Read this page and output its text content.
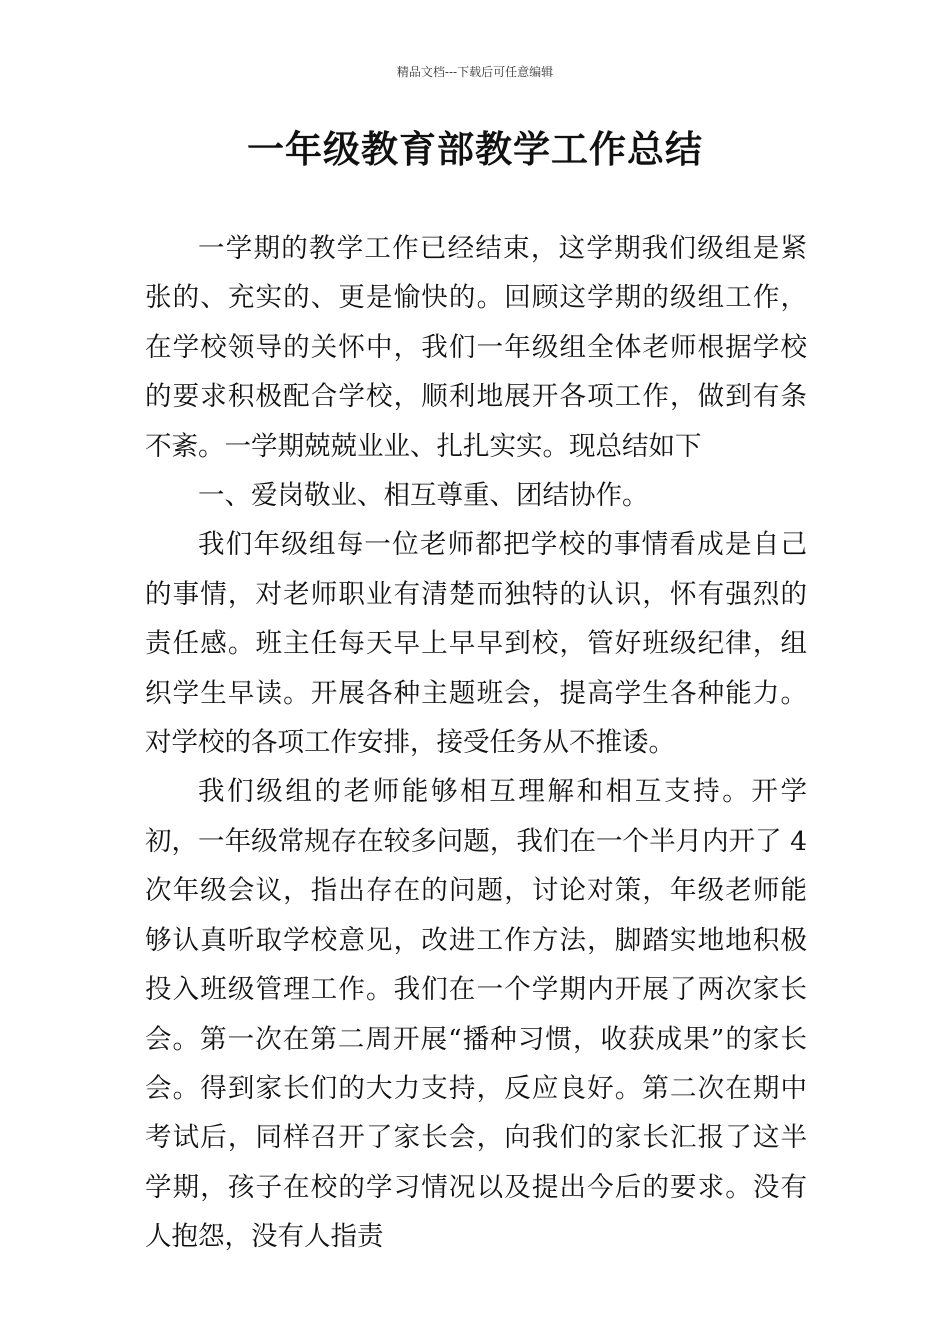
精品文档---下载后可任意编辑
一年级教育部教学工作总结

一学期的教学工作已经结束，这学期我们级组是紧张的、充实的、更是愉快的。回顾这学期的级组工作，在学校领导的关怀中，我们一年级组全体老师根据学校的要求积极配合学校，顺利地展开各项工作，做到有条不紊。一学期兢兢业业、扎扎实实。现总结如下

一、爱岗敬业、相互尊重、团结协作。

我们年级组每一位老师都把学校的事情看成是自己的事情，对老师职业有清楚而独特的认识，怀有强烈的责任感。班主任每天早上早早到校，管好班级纪律，组织学生早读。开展各种主题班会，提高学生各种能力。对学校的各项工作安排，接受任务从不推诿。

我们级组的老师能够相互理解和相互支持。开学初，一年级常规存在较多问题，我们在一个半月内开了 4 次年级会议，指出存在的问题，讨论对策，年级老师能够认真听取学校意见，改进工作方法，脚踏实地地积极投入班级管理工作。我们在一个学期内开展了两次家长会。第一次在第二周开展“播种习惯，收获成果”的家长会。得到家长们的大力支持，反应良好。第二次在期中考试后，同样召开了家长会，向我们的家长汇报了这半学期，孩子在校的学习情况以及提出今后的要求。没有人抱怨，没有人指责
